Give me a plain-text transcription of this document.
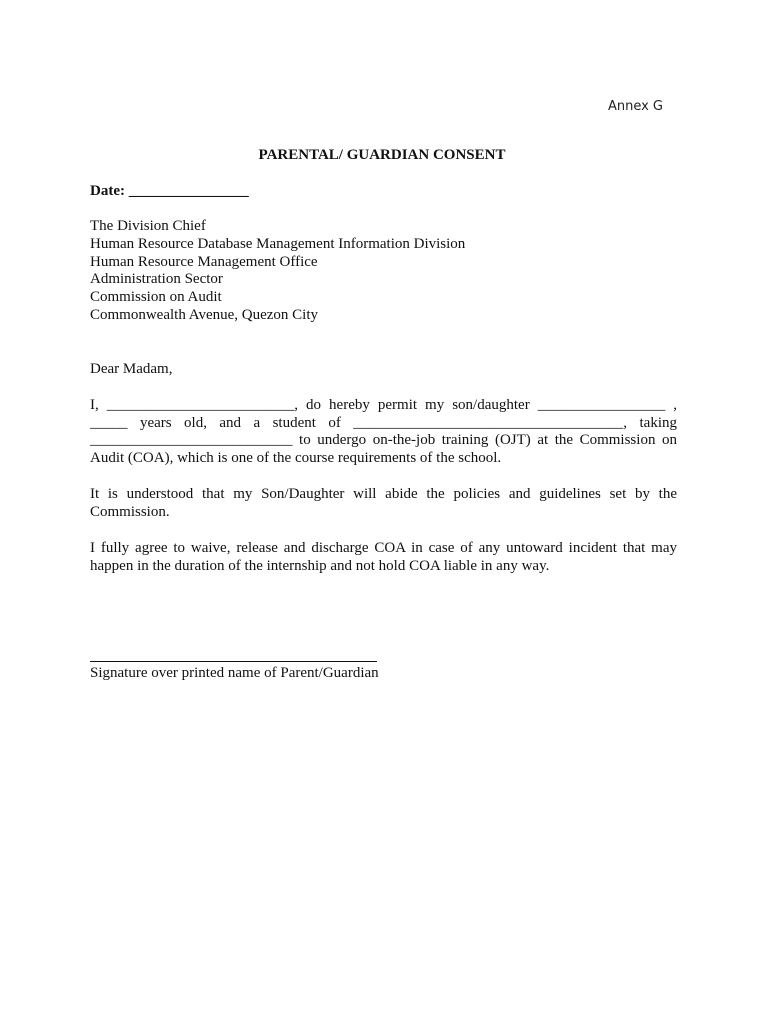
Annex G
PARENTAL/ GUARDIAN CONSENT
Date: ________________
The Division Chief
Human Resource Database Management Information Division
Human Resource Management Office
Administration Sector
Commission on Audit
Commonwealth Avenue, Quezon City
Dear Madam,
I, _________________________, do hereby permit my son/daughter _________________ ,
_____ years old, and a student of ____________________________________, taking
___________________________ to undergo on-the-job training (OJT) at the Commission on
Audit (COA), which is one of the course requirements of the school.
It is understood that my Son/Daughter will abide the policies and guidelines set by the
Commission.
I fully agree to waive, release and discharge COA in case of any untoward incident that may
happen in the duration of the internship and not hold COA liable in any way.
Signature over printed name of Parent/Guardian
